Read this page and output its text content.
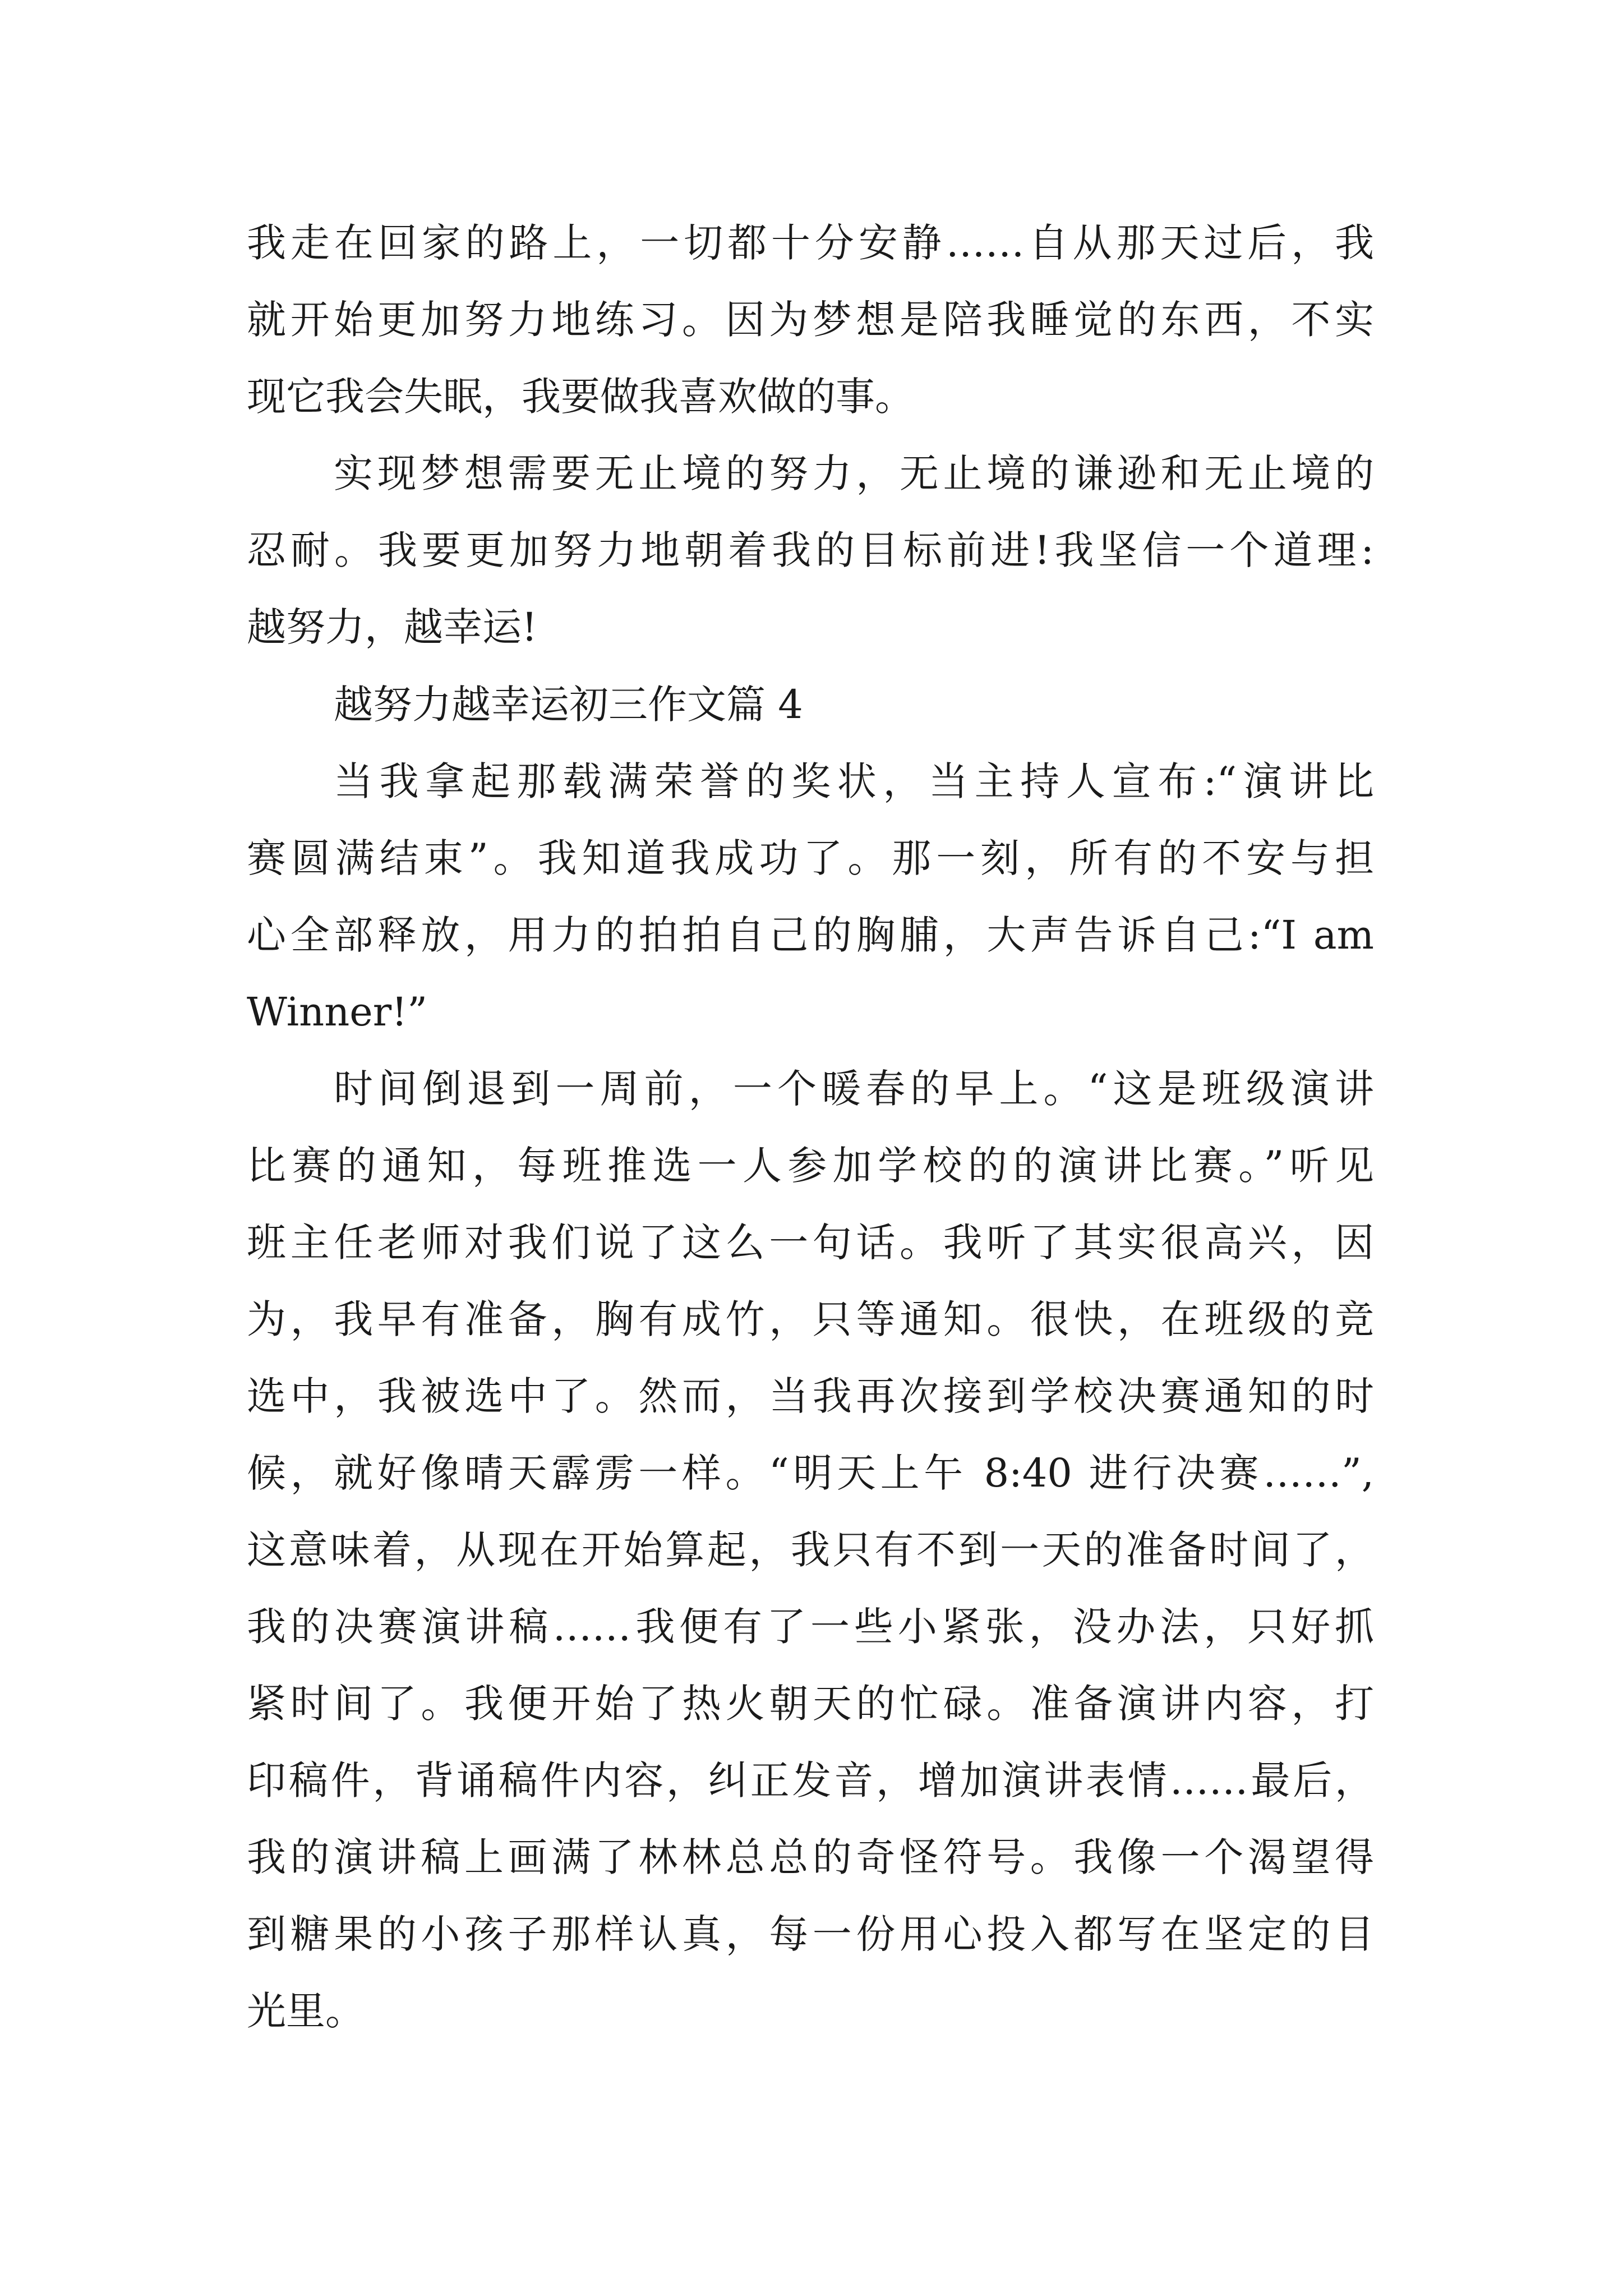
我走在回家的路上，一切都十分安静……自从那天过后，我
就开始更加努力地练习。因为梦想是陪我睡觉的东西，不实
现它我会失眠，我要做我喜欢做的事。
实现梦想需要无止境的努力，无止境的谦逊和无止境的
忍耐。我要更加努力地朝着我的目标前进!我坚信一个道理:
越努力，越幸运!
越努力越幸运初三作文篇 4
当我拿起那载满荣誉的奖状，当主持人宣布:“演讲比
赛圆满结束”。我知道我成功了。那一刻，所有的不安与担
心全部释放，用力的拍拍自己的胸脯，大声告诉自己:“I am
Winner!”
时间倒退到一周前，一个暖春的早上。“这是班级演讲
比赛的通知，每班推选一人参加学校的的演讲比赛。”听见
班主任老师对我们说了这么一句话。我听了其实很高兴，因
为，我早有准备，胸有成竹，只等通知。很快，在班级的竞
选中，我被选中了。然而，当我再次接到学校决赛通知的时
候，就好像晴天霹雳一样。“明天上午 8:40 进行决赛……”,
这意味着，从现在开始算起，我只有不到一天的准备时间了，
我的决赛演讲稿……我便有了一些小紧张，没办法，只好抓
紧时间了。我便开始了热火朝天的忙碌。准备演讲内容，打
印稿件，背诵稿件内容，纠正发音，增加演讲表情……最后，
我的演讲稿上画满了林林总总的奇怪符号。我像一个渴望得
到糖果的小孩子那样认真，每一份用心投入都写在坚定的目
光里。
